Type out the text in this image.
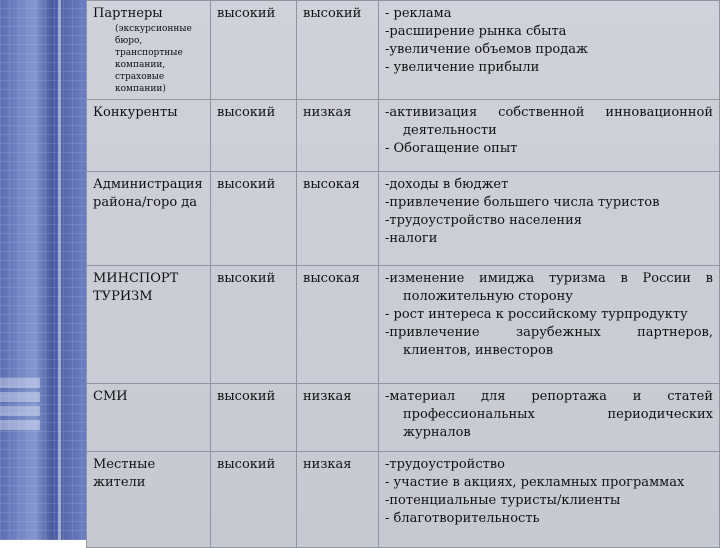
Партнеры
(экскурсионные бюро, транспортные компании, страховые компании)	высокий	высокий	- реклама
-расширение рынка сбыта
-увеличение объемов продаж
- увеличение прибыли

Конкуренты	высокий	низкая	-активизация собственной инновационной деятельности
- Обогащение опыт

Администрация района/горо да	высокий	высокая	-доходы в бюджет
-привлечение большего числа туристов
-трудоустройство населения
-налоги

МИНСПОРТ ТУРИЗМ	высокий	высокая	-изменение имиджа туризма в России в положительную сторону
- рост интереса к российскому турпродукту
-привлечение зарубежных партнеров, клиентов, инвесторов

СМИ	высокий	низкая	-материал для репортажа и статей профессиональных периодических журналов

Местные жители	высокий	низкая	-трудоустройство
- участие в акциях, рекламных программах
-потенциальные туристы/клиенты
- благотворительность
